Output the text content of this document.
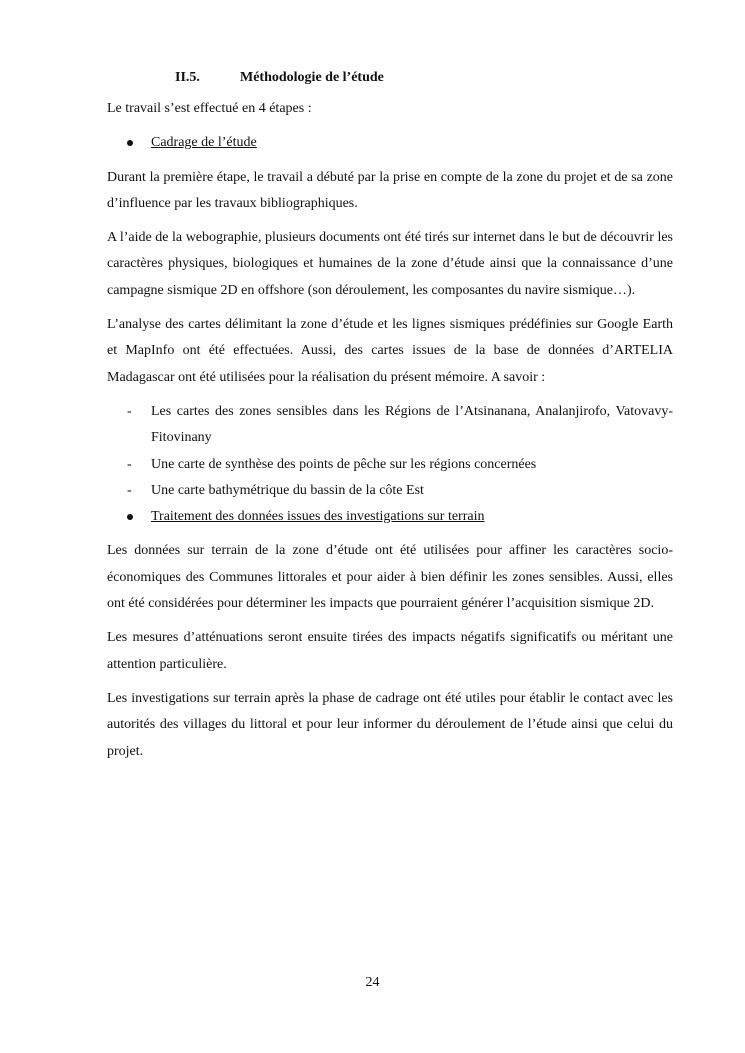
II.5.	Méthodologie de l’étude

Le travail s’est effectué en 4 étapes :

Cadrage de l’étude

Durant la première étape, le travail a débuté par la prise en compte de la zone du projet et de sa zone d’influence par les travaux bibliographiques.

A l’aide de la webographie, plusieurs documents ont été tirés sur internet dans le but de découvrir les caractères physiques, biologiques et humaines de la zone d’étude ainsi que la connaissance d’une campagne sismique 2D en offshore (son déroulement, les composantes du navire sismique…).

L’analyse des cartes délimitant la zone d’étude et les lignes sismiques prédéfinies sur Google Earth et MapInfo ont été effectuées. Aussi, des cartes issues de la base de données d’ARTELIA Madagascar ont été utilisées pour la réalisation du présent mémoire. A savoir :

-	Les cartes des zones sensibles dans les Régions de l’Atsinanana, Analanjirofo, Vatovavy-Fitovinany
-	Une carte de synthèse des points de pêche sur les régions concernées
-	Une carte bathymétrique du bassin de la côte Est
Traitement des données issues des investigations sur terrain

Les données sur terrain de la zone d’étude ont été utilisées pour affiner les caractères socio-économiques des Communes littorales et pour aider à bien définir les zones sensibles. Aussi, elles ont été considérées pour déterminer les impacts que pourraient générer l’acquisition sismique 2D.

Les mesures d’atténuations seront ensuite tirées des impacts négatifs significatifs ou méritant une attention particulière.

Les investigations sur terrain après la phase de cadrage ont été utiles pour établir le contact avec les autorités des villages du littoral et pour leur informer du déroulement de l’étude ainsi que celui du projet.

24
